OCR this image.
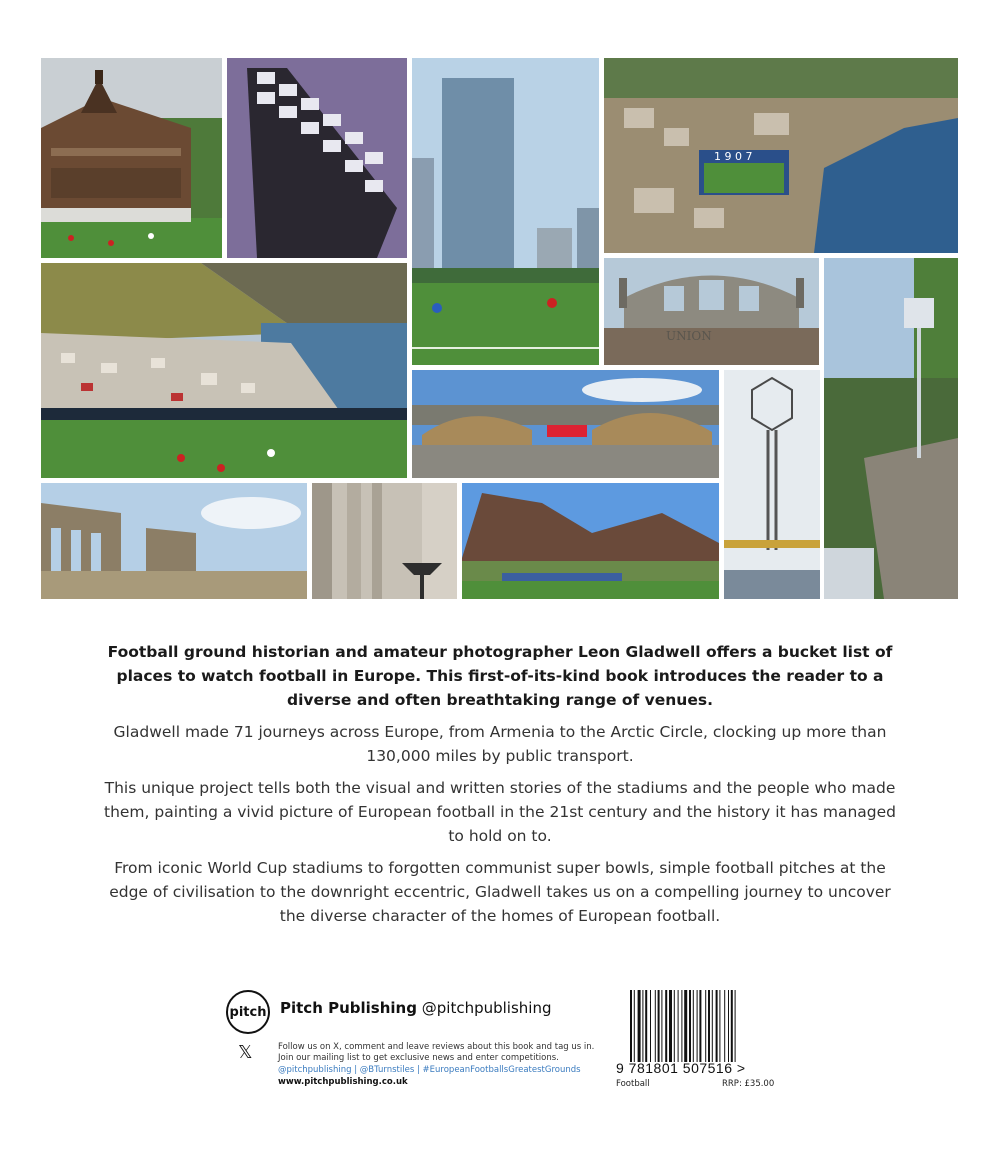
1 9 0 7
UNION

Football ground historian and amateur photographer Leon Gladwell offers a bucket list of places to watch football in Europe. This first-of-its-kind book introduces the reader to a diverse and often breathtaking range of venues.

Gladwell made 71 journeys across Europe, from Armenia to the Arctic Circle, clocking up more than 130,000 miles by public transport.

This unique project tells both the visual and written stories of the stadiums and the people who made them, painting a vivid picture of European football in the 21st century and the history it has managed to hold on to.

From iconic World Cup stadiums to forgotten communist super bowls, simple football pitches at the edge of civilisation to the downright eccentric, Gladwell takes us on a compelling journey to uncover the diverse character of the homes of European football.

pitch Pitch Publishing @pitchpublishing
𝕏	Follow us on X, comment and leave reviews about this book and tag us in.
Join our mailing list to get exclusive news and enter competitions.
@pitchpublishing | @BTurnstiles | #EuropeanFootballsGreatestGrounds
www.pitchpublishing.co.uk
9 781801 507516 >
Football	RRP: £35.00
